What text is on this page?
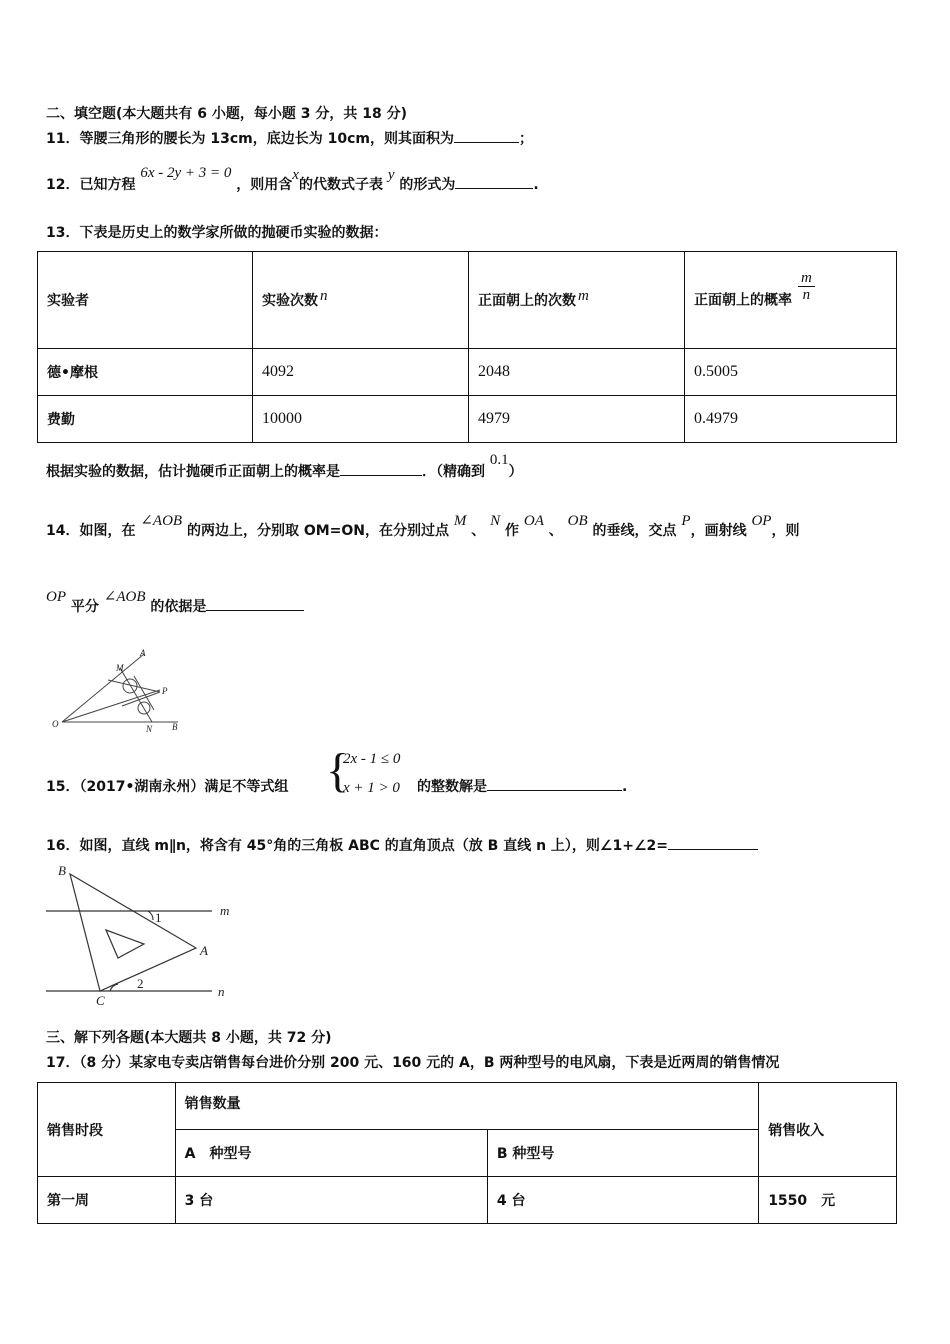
二、填空题(本大题共有 6 小题，每小题 3 分，共 18 分)
11．等腰三角形的腰长为 13cm，底边长为 10cm，则其面积为	；
12．已知方程 6x - 2y + 3 = 0 ，则用含x的代数式子表 y 的形式为	.
13．下表是历史上的数学家所做的抛硬币实验的数据：
实验者	实验次数 n	正面朝上的次数 m	正面朝上的概率 $\frac{m}{n}$

德•摩根	4092	2048	0.5005
费勤	10000	4979	0.4979
根据实验的数据，估计抛硬币正面朝上的概率是	．（精确到 0.1）
14．如图，在 ∠AOB 的两边上，分别取 OM=ON，在分别过点 M 、 N 作 OA 、 OB 的垂线，交点 P，画射线 OP，则
OP 平分 ∠AOB 的依据是
A
M
P
O	N B
15．（2017•湖南永州）满足不等式组 {
2x - 1 ≤ 0
x + 1 > 0 的整数解是	.
16．如图，直线 m∥n，将含有 45°角的三角板 ABC 的直角顶点（放 B 直线 n 上），则∠1+∠2=
B
m
1
A
C
2
n
三、解下列各题(本大题共 8 小题，共 72 分)
17．（8 分）某家电专卖店销售每台进价分别 200 元、160 元的 A，B 两种型号的电风扇，下表是近两周的销售情况
销售时段	销售数量		销售收入
	A　种型号	B 种型号	
第一周	3 台	4 台	1550　元
